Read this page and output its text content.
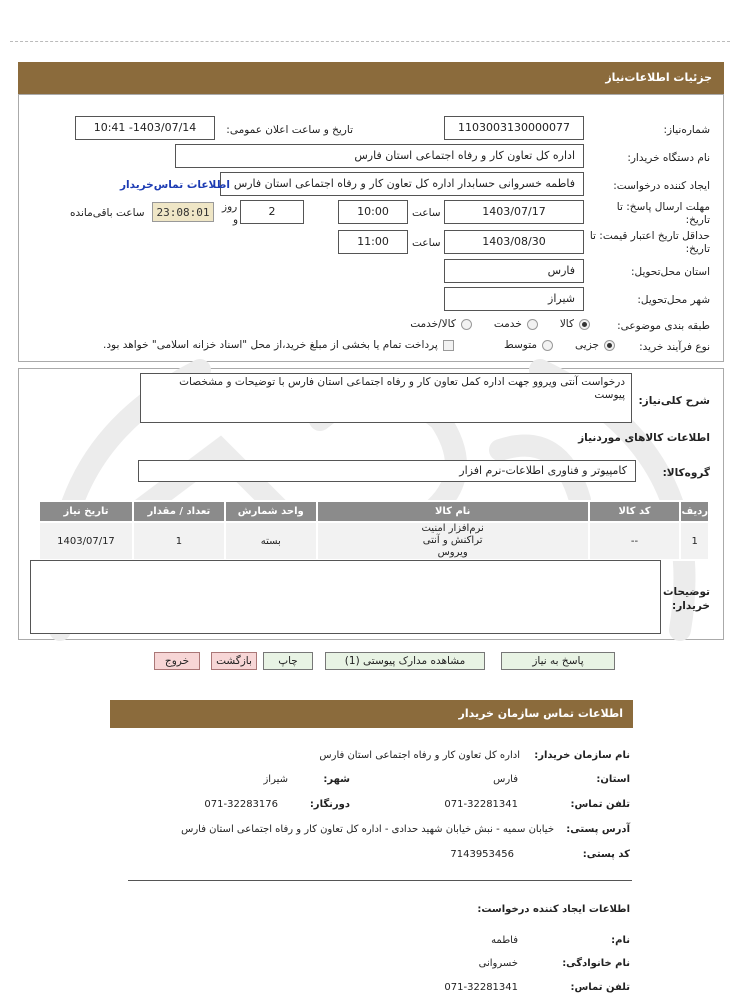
جزئیات اطلاعات‌نیاز
شماره‌نیاز:
1103003130000077
تاریخ و ساعت اعلان عمومی:
1403/07/14- 10:41
نام دستگاه خریدار:
اداره کل تعاون کار و رفاه اجتماعی استان فارس
ایجاد کننده درخواست:
فاطمه خسروانی حسابدار اداره کل تعاون کار و رفاه اجتماعی استان فارس
اطلاعات تماس‌خریدار
مهلت ارسال پاسخ: تا
تاریخ:
1403/07/17
ساعت
10:00
2
روز
و
23:08:01
ساعت باقی‌مانده
حداقل تاریخ اعتبار قیمت: تا
تاریخ:
1403/08/30
ساعت
11:00
استان محل‌تحویل:
فارس
شهر محل‌تحویل:
شیراز
طبقه بندی موضوعی:
کالا
خدمت
کالا/خدمت
نوع فرآیند خرید:
جزیی
متوسط
پرداخت تمام یا بخشی از مبلغ خرید،از محل "اسناد خزانه اسلامی" خواهد بود.
شرح کلی‌نیاز:
درخواست آنتی ویروو جهت اداره کمل تعاون کار و رفاه اجتماعی استان فارس با توضیحات و مشخصات پیوست
اطلاعات کالاهای موردنیاز
گروه‌کالا:
کامپیوتر و فناوری اطلاعات-نرم افزار
ردیف	کد کالا	نام کالا	واحد شمارش	تعداد / مقدار	تاریخ نیاز
1	--	نرم‌افزار امنیت تراکنش و آنتی ویروس	بسته	1	1403/07/17
توضیحات
خریدار:
پاسخ به نیاز
مشاهده مدارک پیوستی (1)
چاپ
بازگشت
خروج
اطلاعات تماس سازمان خریدار
نام سازمان خریدار:
اداره کل تعاون کار و رفاه اجتماعی استان فارس
استان:
فارس
شهر:
شیراز
تلفن تماس:
071-32281341
دورنگار:
071-32283176
آدرس پستی:
خیابان سمیه - نبش خیابان شهید حدادی - اداره کل تعاون کار و رفاه اجتماعی استان فارس
کد پستی:
7143953456
اطلاعات ایجاد کننده درخواست:
نام:
فاطمه
نام خانوادگی:
خسروانی
تلفن تماس:
071-32281341
